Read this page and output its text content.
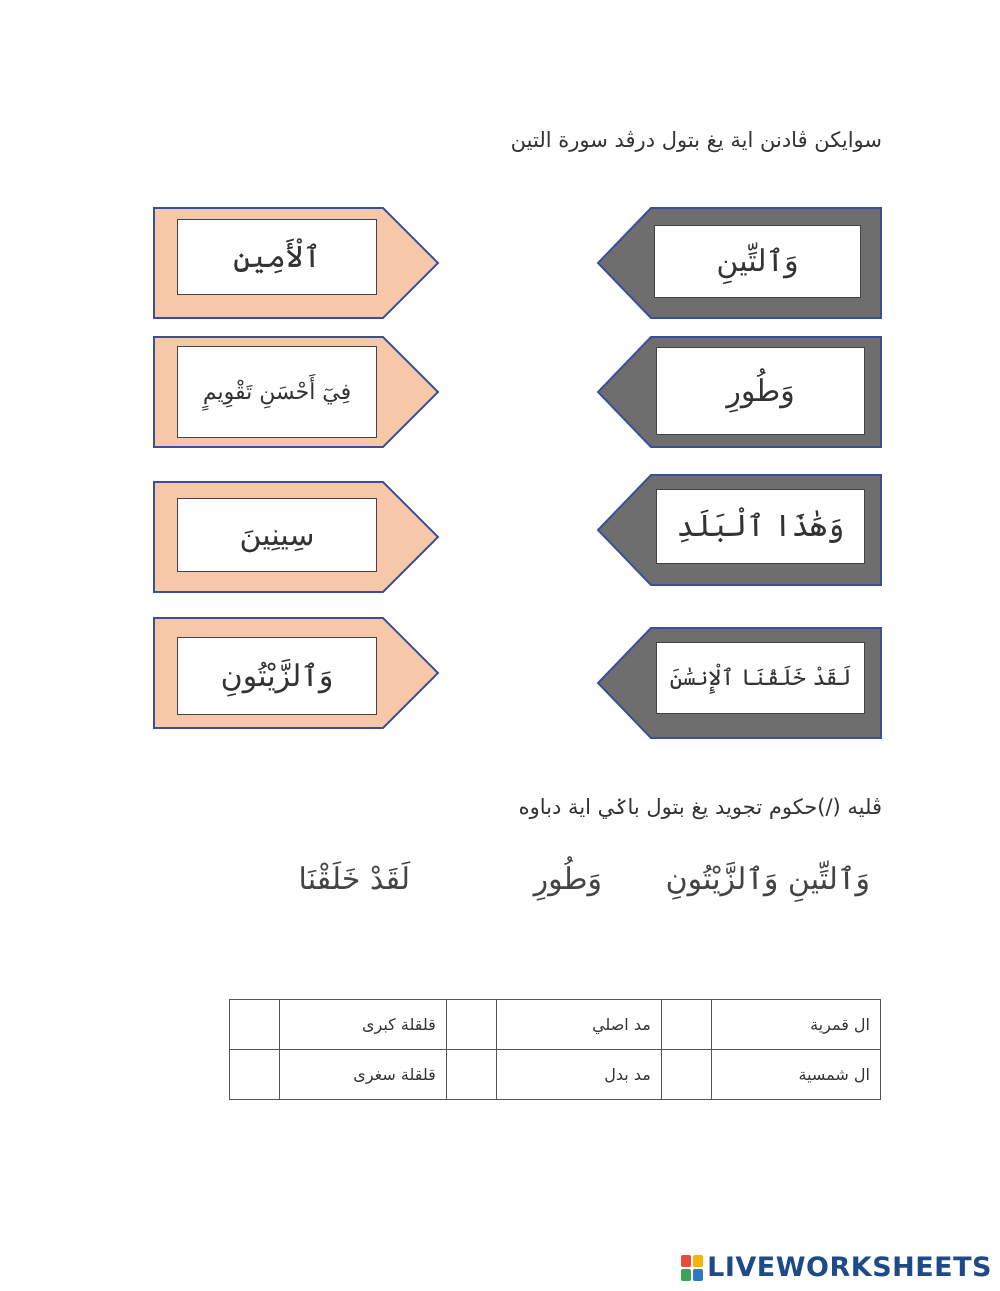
سوايكن ڤادنن اية يغ بتول درڤد سورة التين
وَٱلتِّينِ
وَطُورِ
وَهَٰذَا ٱلْبَلَدِ
لَقَدْ خَلَقْنَا ٱلْإِنسَٰنَ
ٱلْأَمِينِ
فِيٓ أَحْسَنِ تَقْوِيمٍ
سِينِينَ
وَٱلزَّيْتُونِ
ڤليه (/)حكوم تجويد يغ بتول باݢي اية دباوه
وَٱلتِّينِ وَٱلزَّيْتُونِ
وَطُورِ
لَقَدْ خَلَقْنَا
	قلقلة كبرى		مد اصلي		ال قمرية
	قلقلة سغرى		مد بدل		ال شمسية
LIVEWORKSHEETS
